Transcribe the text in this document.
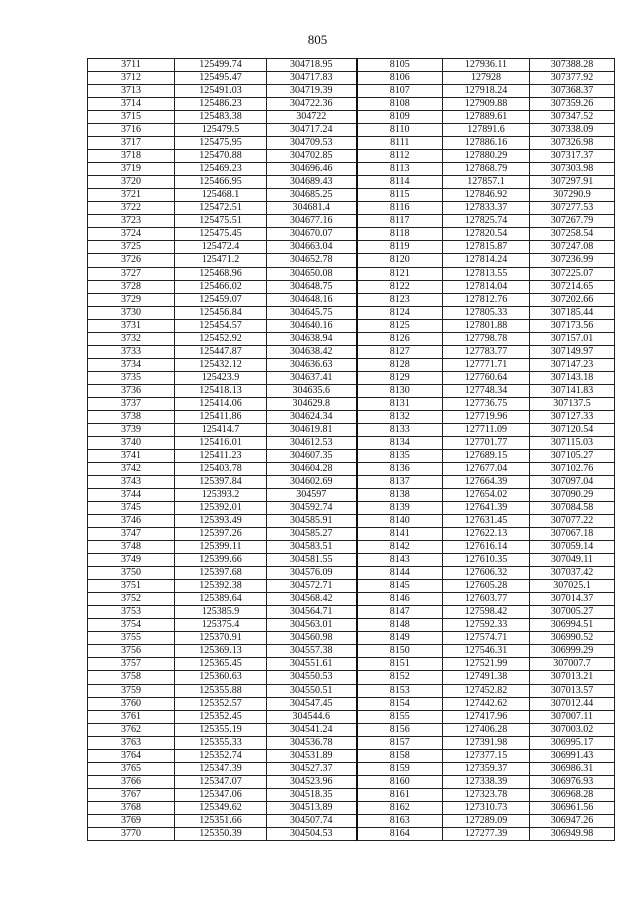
805
3711	125499.74	304718.95	8105	127936.11	307388.28
3712	125495.47	304717.83	8106	127928	307377.92
3713	125491.03	304719.39	8107	127918.24	307368.37
3714	125486.23	304722.36	8108	127909.88	307359.26
3715	125483.38	304722	8109	127889.61	307347.52
3716	125479.5	304717.24	8110	127891.6	307338.09
3717	125475.95	304709.53	8111	127886.16	307326.98
3718	125470.88	304702.85	8112	127880.29	307317.37
3719	125469.23	304696.46	8113	127868.79	307303.98
3720	125466.95	304689.43	8114	127857.1	307297.91
3721	125468.1	304685.25	8115	127846.92	307290.9
3722	125472.51	304681.4	8116	127833.37	307277.53
3723	125475.51	304677.16	8117	127825.74	307267.79
3724	125475.45	304670.07	8118	127820.54	307258.54
3725	125472.4	304663.04	8119	127815.87	307247.08
3726	125471.2	304652.78	8120	127814.24	307236.99
3727	125468.96	304650.08	8121	127813.55	307225.07
3728	125466.02	304648.75	8122	127814.04	307214.65
3729	125459.07	304648.16	8123	127812.76	307202.66
3730	125456.84	304645.75	8124	127805.33	307185.44
3731	125454.57	304640.16	8125	127801.88	307173.56
3732	125452.92	304638.94	8126	127798.78	307157.01
3733	125447.87	304638.42	8127	127783.77	307149.97
3734	125432.12	304636.63	8128	127771.71	307147.23
3735	125423.9	304637.41	8129	127760.64	307143.18
3736	125418.13	304635.6	8130	127748.34	307141.83
3737	125414.06	304629.8	8131	127736.75	307137.5
3738	125411.86	304624.34	8132	127719.96	307127.33
3739	125414.7	304619.81	8133	127711.09	307120.54
3740	125416.01	304612.53	8134	127701.77	307115.03
3741	125411.23	304607.35	8135	127689.15	307105.27
3742	125403.78	304604.28	8136	127677.04	307102.76
3743	125397.84	304602.69	8137	127664.39	307097.04
3744	125393.2	304597	8138	127654.02	307090.29
3745	125392.01	304592.74	8139	127641.39	307084.58
3746	125393.49	304585.91	8140	127631.45	307077.22
3747	125397.26	304585.27	8141	127622.13	307067.18
3748	125399.11	304583.51	8142	127616.14	307059.14
3749	125399.66	304581.55	8143	127610.35	307049.11
3750	125397.68	304576.09	8144	127606.32	307037.42
3751	125392.38	304572.71	8145	127605.28	307025.1
3752	125389.64	304568.42	8146	127603.77	307014.37
3753	125385.9	304564.71	8147	127598.42	307005.27
3754	125375.4	304563.01	8148	127592.33	306994.51
3755	125370.91	304560.98	8149	127574.71	306990.52
3756	125369.13	304557.38	8150	127546.31	306999.29
3757	125365.45	304551.61	8151	127521.99	307007.7
3758	125360.63	304550.53	8152	127491.38	307013.21
3759	125355.88	304550.51	8153	127452.82	307013.57
3760	125352.57	304547.45	8154	127442.62	307012.44
3761	125352.45	304544.6	8155	127417.96	307007.11
3762	125355.19	304541.24	8156	127406.28	307003.02
3763	125355.33	304536.78	8157	127391.98	306995.17
3764	125352.74	304531.89	8158	127377.15	306991.43
3765	125347.39	304527.37	8159	127359.37	306986.31
3766	125347.07	304523.96	8160	127338.39	306976.93
3767	125347.06	304518.35	8161	127323.78	306968.28
3768	125349.62	304513.89	8162	127310.73	306961.56
3769	125351.66	304507.74	8163	127289.09	306947.26
3770	125350.39	304504.53	8164	127277.39	306949.98
